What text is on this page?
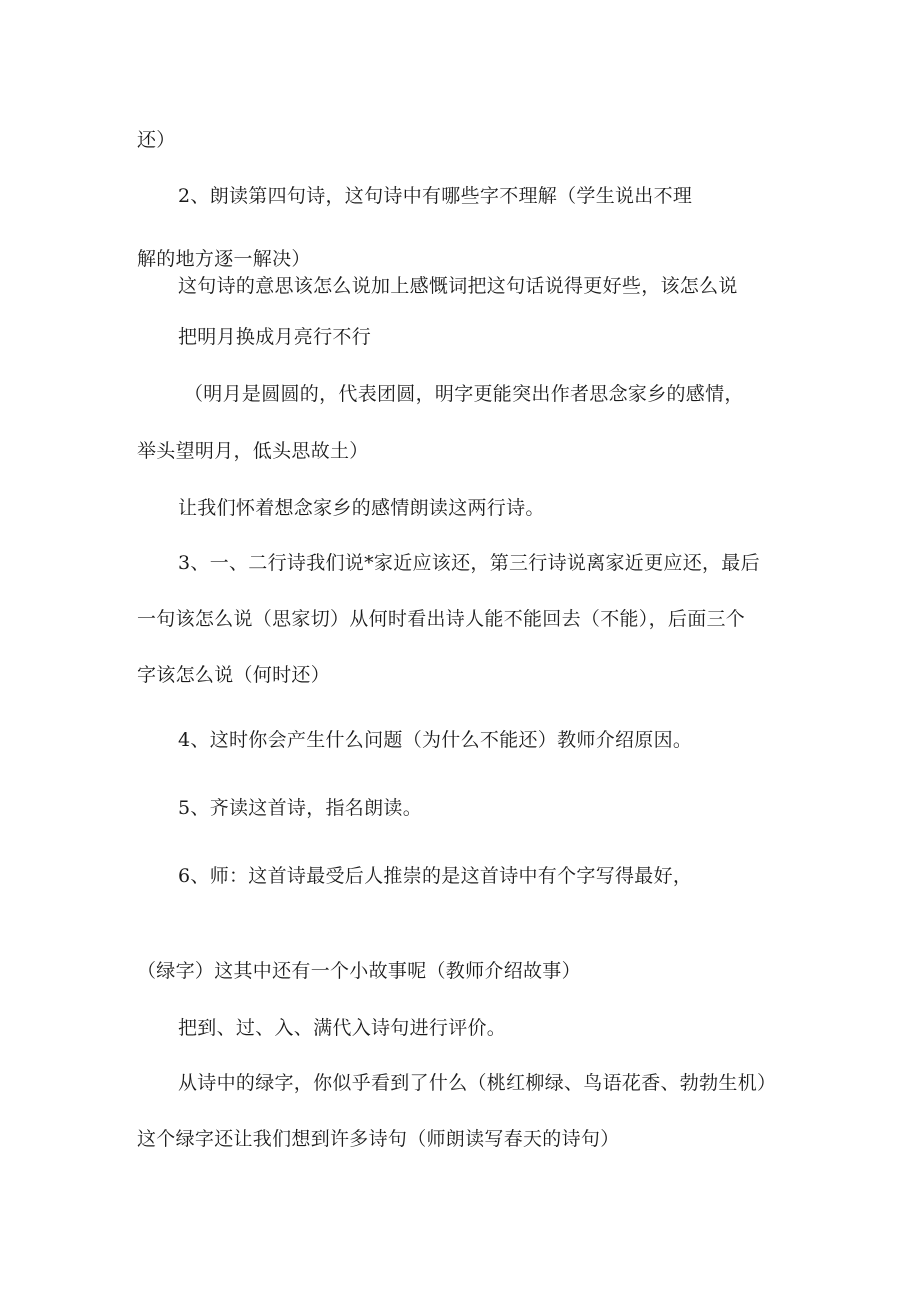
还）

2、朗读第四句诗，这句诗中有哪些字不理解（学生说出不理

解的地方逐一解决）

这句诗的意思该怎么说加上感慨词把这句话说得更好些，该怎么说

把明月换成月亮行不行

（明月是圆圆的，代表团圆，明字更能突出作者思念家乡的感情，

举头望明月，低头思故土）

让我们怀着想念家乡的感情朗读这两行诗。

3、一、二行诗我们说*家近应该还，第三行诗说离家近更应还，最后

一句该怎么说（思家切）从何时看出诗人能不能回去（不能），后面三个

字该怎么说（何时还）

4、这时你会产生什么问题（为什么不能还）教师介绍原因。

5、齐读这首诗，指名朗读。

6、师：这首诗最受后人推崇的是这首诗中有个字写得最好，

（绿字）这其中还有一个小故事呢（教师介绍故事）

把到、过、入、满代入诗句进行评价。

从诗中的绿字，你似乎看到了什么（桃红柳绿、鸟语花香、勃勃生机）

这个绿字还让我们想到许多诗句（师朗读写春天的诗句）
